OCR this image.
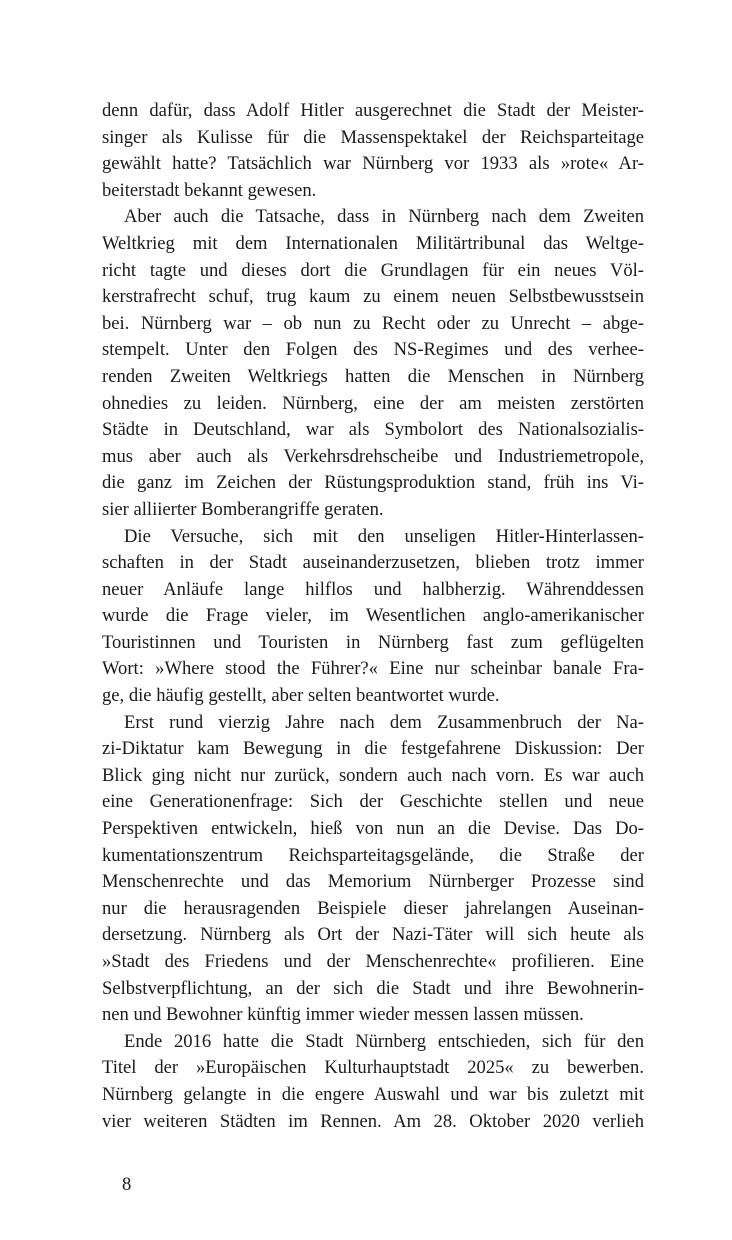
denn dafür, dass Adolf Hitler ausgerechnet die Stadt der Meister-
singer als Kulisse für die Massenspektakel der Reichsparteitage
gewählt hatte? Tatsächlich war Nürnberg vor 1933 als »rote« Ar-
beiterstadt bekannt gewesen.
Aber auch die Tatsache, dass in Nürnberg nach dem Zweiten
Weltkrieg mit dem Internationalen Militärtribunal das Weltge-
richt tagte und dieses dort die Grundlagen für ein neues Völ-
kerstrafrecht schuf, trug kaum zu einem neuen Selbstbewusstsein
bei. Nürnberg war – ob nun zu Recht oder zu Unrecht – abge-
stempelt. Unter den Folgen des NS-Regimes und des verhee-
renden Zweiten Weltkriegs hatten die Menschen in Nürnberg
ohnedies zu leiden. Nürnberg, eine der am meisten zerstörten
Städte in Deutschland, war als Symbolort des Nationalsozialis-
mus aber auch als Verkehrsdrehscheibe und Industriemetropole,
die ganz im Zeichen der Rüstungsproduktion stand, früh ins Vi-
sier alliierter Bomberangriffe geraten.
Die Versuche, sich mit den unseligen Hitler-Hinterlassen-
schaften in der Stadt auseinanderzusetzen, blieben trotz immer
neuer Anläufe lange hilflos und halbherzig. Währenddessen
wurde die Frage vieler, im Wesentlichen anglo-amerikanischer
Touristinnen und Touristen in Nürnberg fast zum geflügelten
Wort: »Where stood the Führer?« Eine nur scheinbar banale Fra-
ge, die häufig gestellt, aber selten beantwortet wurde.
Erst rund vierzig Jahre nach dem Zusammenbruch der Na-
zi-Diktatur kam Bewegung in die festgefahrene Diskussion: Der
Blick ging nicht nur zurück, sondern auch nach vorn. Es war auch
eine Generationenfrage: Sich der Geschichte stellen und neue
Perspektiven entwickeln, hieß von nun an die Devise. Das Do-
kumentationszentrum Reichsparteitagsgelände, die Straße der
Menschenrechte und das Memorium Nürnberger Prozesse sind
nur die herausragenden Beispiele dieser jahrelangen Auseinan-
dersetzung. Nürnberg als Ort der Nazi-Täter will sich heute als
»Stadt des Friedens und der Menschenrechte« profilieren. Eine
Selbstverpflichtung, an der sich die Stadt und ihre Bewohnerin-
nen und Bewohner künftig immer wieder messen lassen müssen.
Ende 2016 hatte die Stadt Nürnberg entschieden, sich für den
Titel der »Europäischen Kulturhauptstadt 2025« zu bewerben.
Nürnberg gelangte in die engere Auswahl und war bis zuletzt mit
vier weiteren Städten im Rennen. Am 28. Oktober 2020 verlieh
8
